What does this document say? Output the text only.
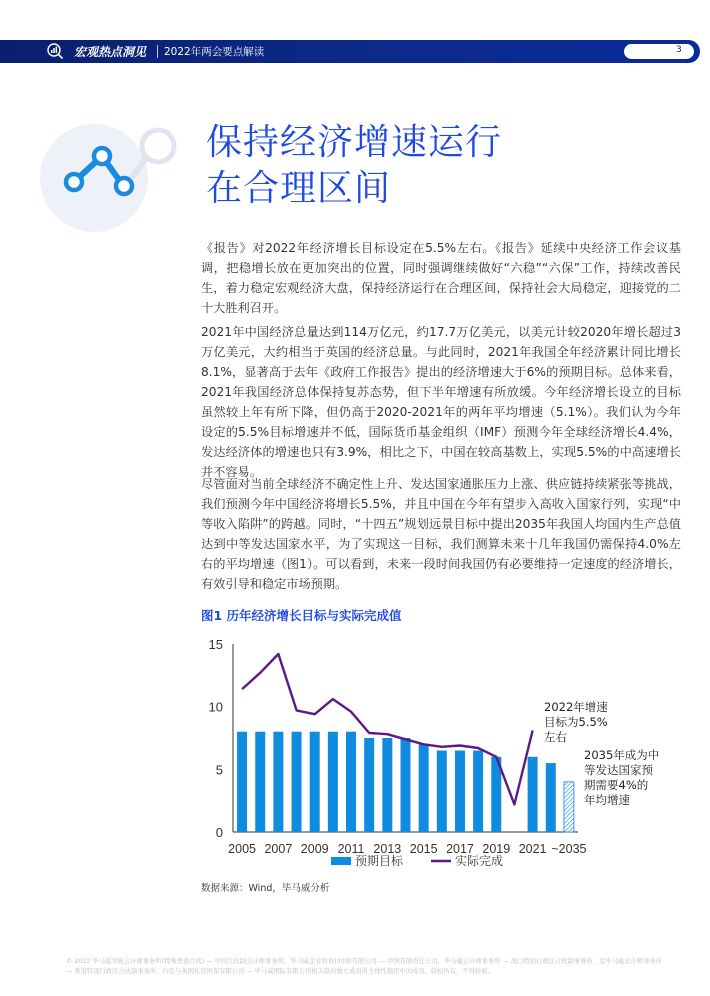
宏观热点洞见 2022年两会要点解读	3
保持经济增速运行
在合理区间
《报告》对2022年经济增长目标设定在5.5%左右。《报告》延续中央经济工作会议基调，把稳增长放在更加突出的位置，同时强调继续做好“六稳”“六保”工作，持续改善民生，着力稳定宏观经济大盘，保持经济运行在合理区间，保持社会大局稳定，迎接党的二十大胜利召开。
2021年中国经济总量达到114万亿元，约17.7万亿美元，以美元计较2020年增长超过3万亿美元，大约相当于英国的经济总量。与此同时，2021年我国全年经济累计同比增长8.1%，显著高于去年《政府工作报告》提出的经济增速大于6%的预期目标。总体来看，2021年我国经济总体保持复苏态势，但下半年增速有所放缓。今年经济增长设立的目标虽然较上年有所下降，但仍高于2020-2021年的两年平均增速（5.1%）。我们认为今年设定的5.5%目标增速并不低，国际货币基金组织（IMF）预测今年全球经济增长4.4%，发达经济体的增速也只有3.9%，相比之下，中国在较高基数上，实现5.5%的中高速增长并不容易。
尽管面对当前全球经济不确定性上升、发达国家通胀压力上涨、供应链持续紧张等挑战，我们预测今年中国经济将增长5.5%，并且中国在今年有望步入高收入国家行列，实现“中等收入陷阱”的跨越。同时，“十四五”规划远景目标中提出2035年我国人均国内生产总值达到中等发达国家水平，为了实现这一目标，我们测算未来十几年我国仍需保持4.0%左右的平均增速（图1）。可以看到，未来一段时间我国仍有必要维持一定速度的经济增长，有效引导和稳定市场预期。
图1 历年经济增长目标与实际完成值
0
5
10
15
2005 2007 2009 2011 2013 2015 2017 2019 2021 ~2035
2022年增速
目标为5.5%
左右
2022年增速目标为5.5%左右
2035年成为中
等发达国家预
期需要4%的
年均增速
2035年成为中等发达国家预期需要4%的年均增速
预期目标	实际完成
数据来源：Wind，毕马威分析
© 2022 毕马威华振会计师事务所(特殊普通合伙) — 中国合伙制会计师事务所，毕马威企业咨询(中国)有限公司 — 中国有限责任公司，毕马威会计师事务所 — 澳门特别行政区合伙制事务所，及毕马威会计师事务所 — 香港特别行政区合伙制事务所，均是与英国私营担保有限公司 — 毕马威国际有限公司相关联的独立成员所全球性组织中的成员。版权所有，不得转载。
